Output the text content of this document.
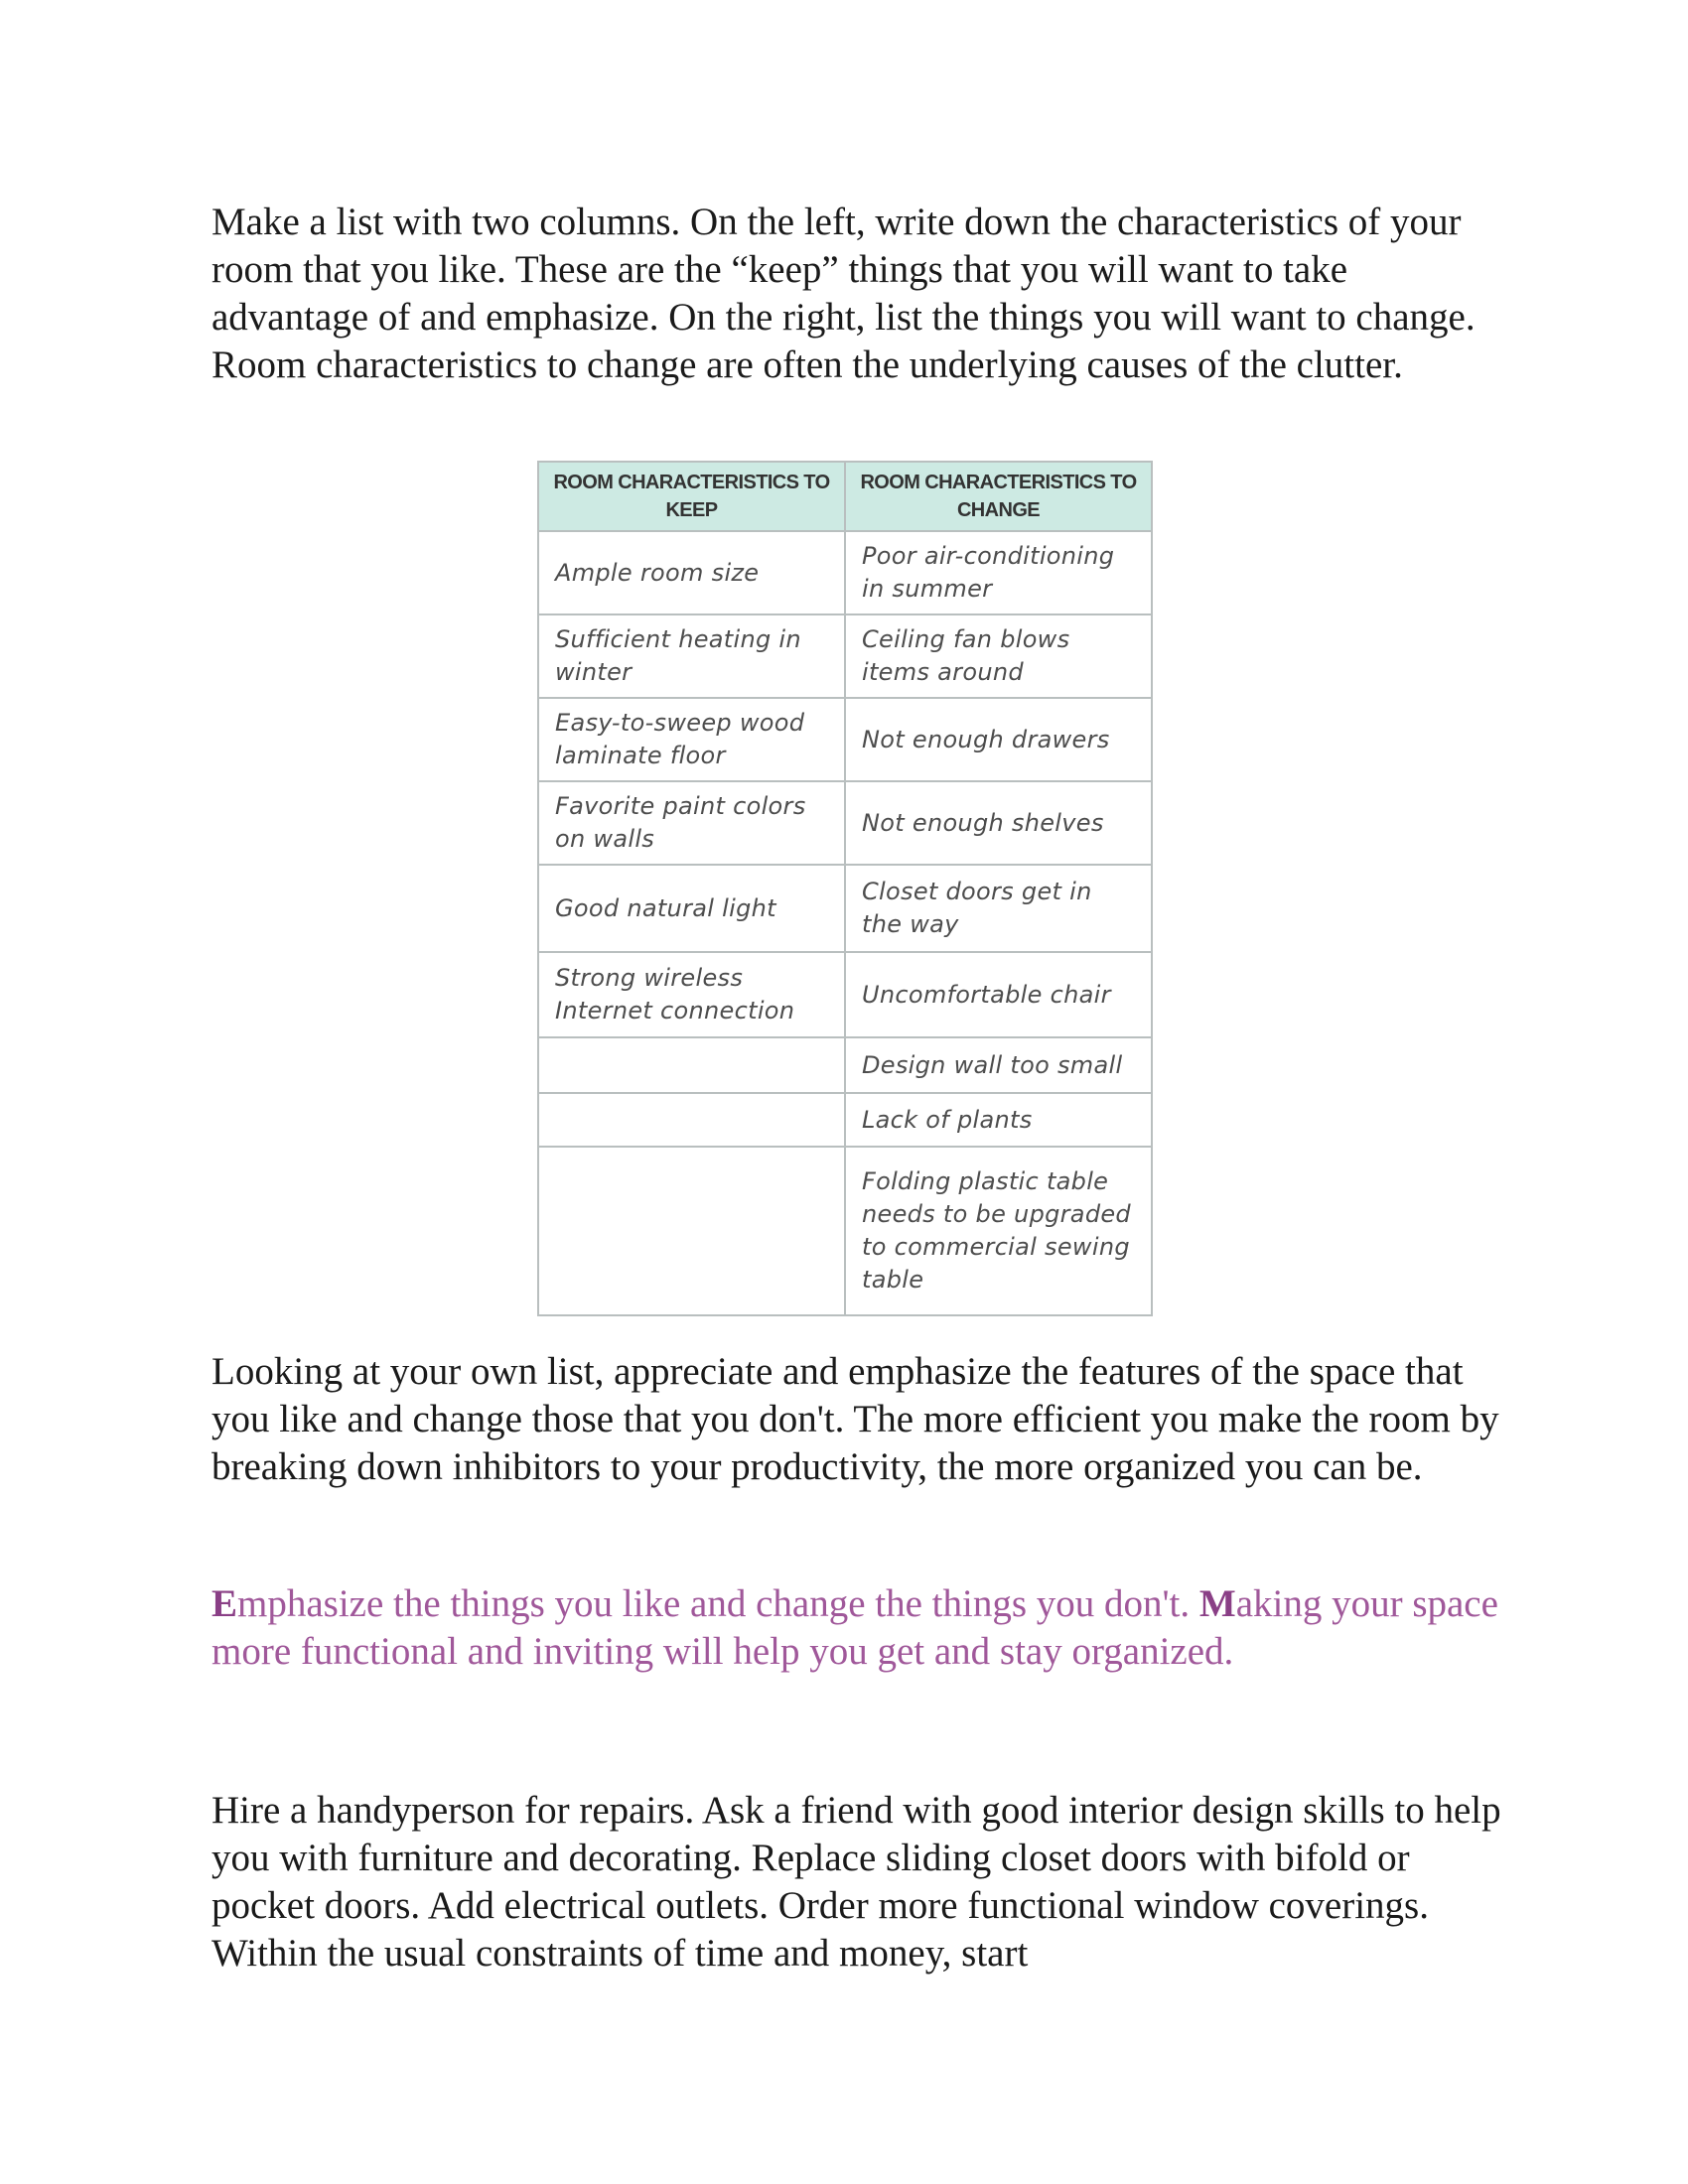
Make a list with two columns. On the left, write down the characteristics of your room that you like. These are the “keep” things that you will want to take advantage of and emphasize. On the right, list the things you will want to change. Room characteristics to change are often the underlying causes of the clutter.

ROOM CHARACTERISTICS TO KEEP	ROOM CHARACTERISTICS TO CHANGE
Ample room size	Poor air-conditioning in summer
Sufficient heating in winter	Ceiling fan blows items around
Easy-to-sweep wood laminate floor	Not enough drawers
Favorite paint colors on walls	Not enough shelves
Good natural light	Closet doors get in the way
Strong wireless Internet connection	Uncomfortable chair
	Design wall too small
	Lack of plants
	Folding plastic table needs to be upgraded to commercial sewing table

Looking at your own list, appreciate and emphasize the features of the space that you like and change those that you don't. The more efficient you make the room by breaking down inhibitors to your productivity, the more organized you can be.

Emphasize the things you like and change the things you don't. Making your space more functional and inviting will help you get and stay organized.

Hire a handyperson for repairs. Ask a friend with good interior design skills to help you with furniture and decorating. Replace sliding closet doors with bifold or pocket doors. Add electrical outlets. Order more functional window coverings. Within the usual constraints of time and money, start
